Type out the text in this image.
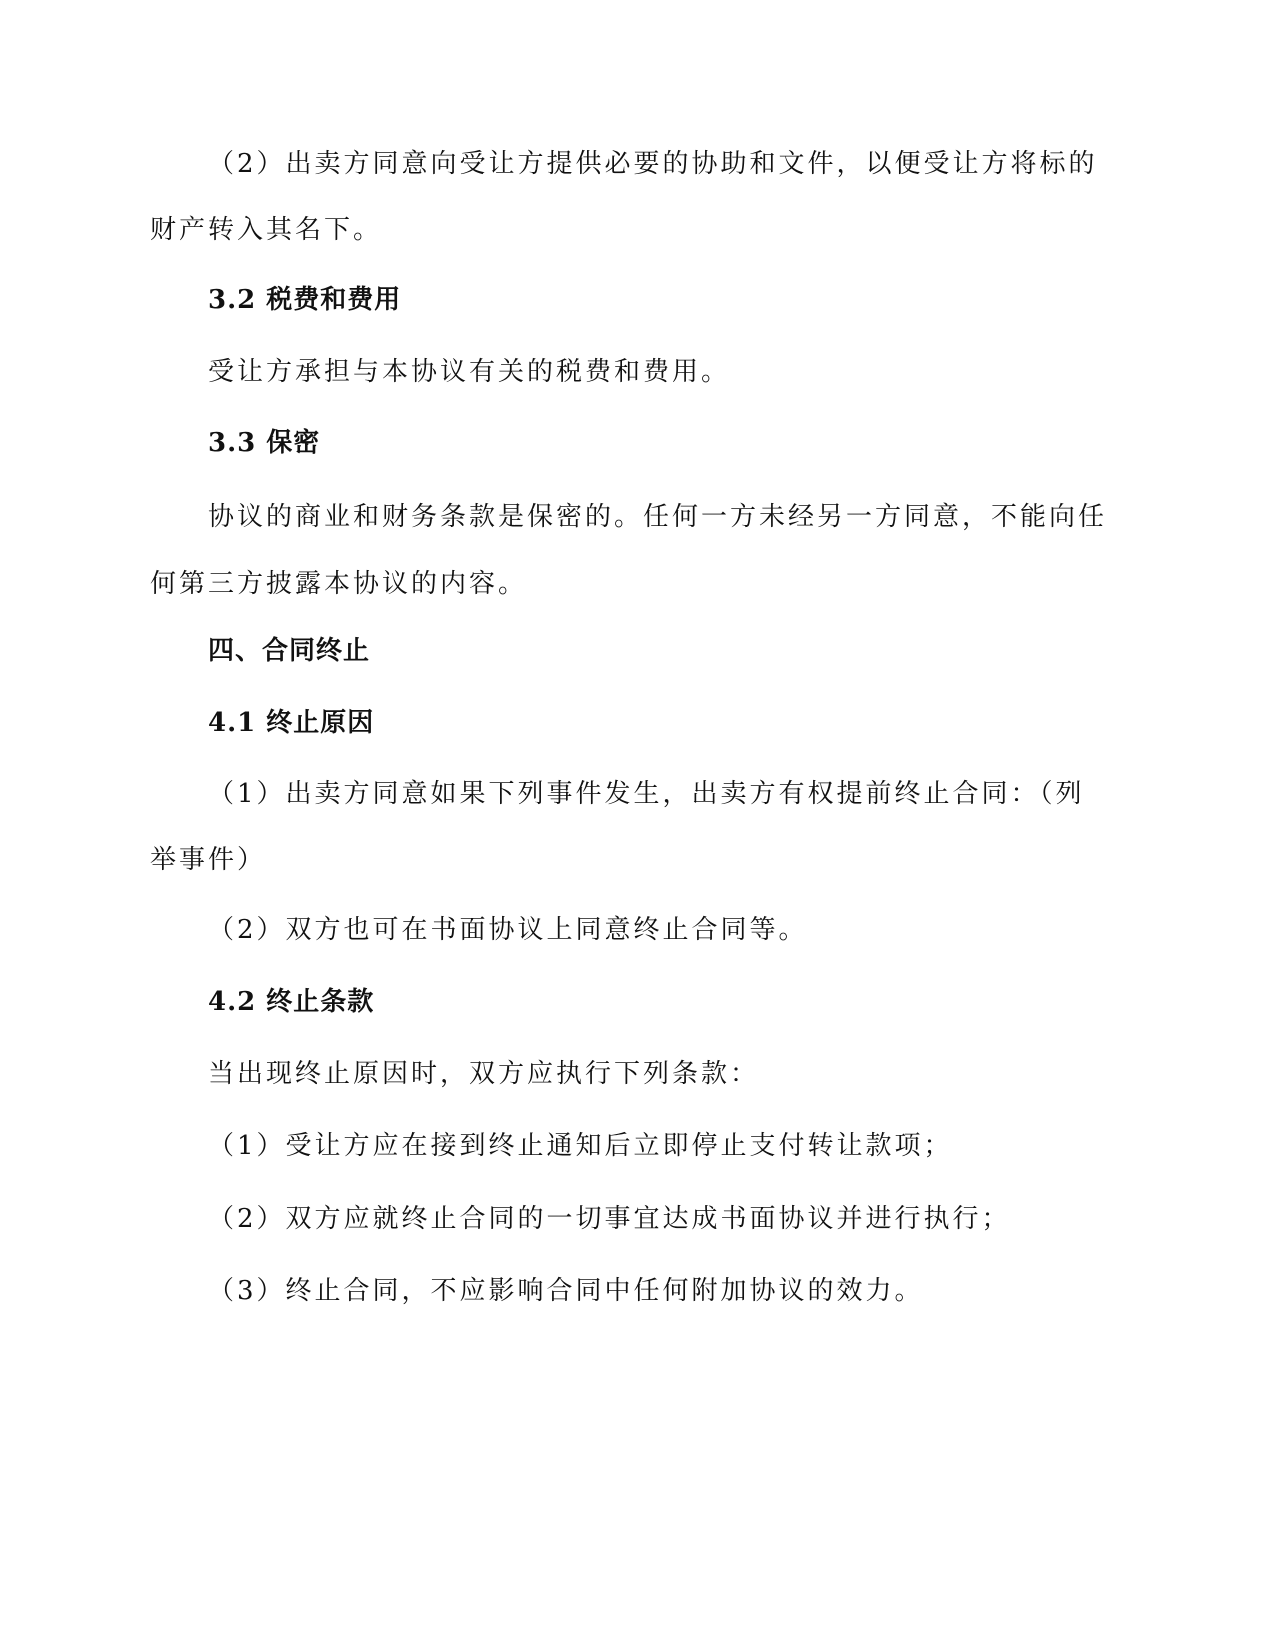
（2）出卖方同意向受让方提供必要的协助和文件，以便受让方将标的
财产转入其名下。
3.2 税费和费用
受让方承担与本协议有关的税费和费用。
3.3 保密
协议的商业和财务条款是保密的。任何一方未经另一方同意，不能向任
何第三方披露本协议的内容。
四、合同终止
4.1 终止原因
（1）出卖方同意如果下列事件发生，出卖方有权提前终止合同：（列
举事件）
（2）双方也可在书面协议上同意终止合同等。
4.2 终止条款
当出现终止原因时，双方应执行下列条款：
（1）受让方应在接到终止通知后立即停止支付转让款项；
（2）双方应就终止合同的一切事宜达成书面协议并进行执行；
（3）终止合同，不应影响合同中任何附加协议的效力。
